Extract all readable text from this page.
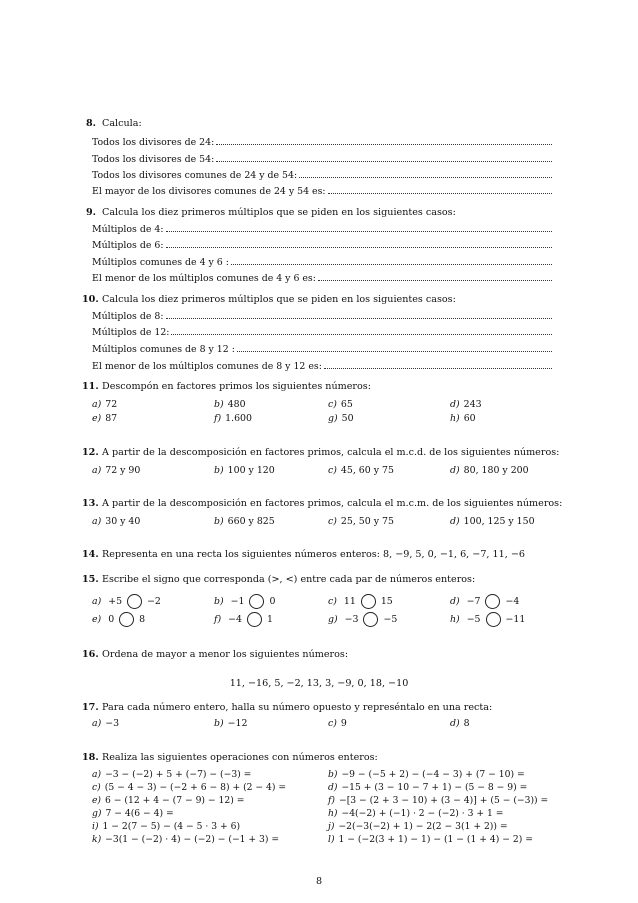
8. Calcula:
Todos los divisores de 24:
Todos los divisores de 54:
Todos los divisores comunes de 24 y de 54:
El mayor de los divisores comunes de 24 y 54 es:
9. Calcula los diez primeros múltiplos que se piden en los siguientes casos:
Múltiplos de 4:
Múltiplos de 6:
Múltiplos comunes de 4 y 6 :
El menor de los múltiplos comunes de 4 y 6 es:
10. Calcula los diez primeros múltiplos que se piden en los siguientes casos:
Múltiplos de 8:
Múltiplos de 12:
Múltiplos comunes de 8 y 12 :
El menor de los múltiplos comunes de 8 y 12 es:
11. Descompón en factores primos los siguientes números:
a) 72	b) 480	c) 65	d) 243
e) 87	f) 1.600	g) 50	h) 60
12. A partir de la descomposición en factores primos, calcula el m.c.d. de los siguientes números:
a) 72 y 90	b) 100 y 120	c) 45, 60 y 75	d) 80, 180 y 200
13. A partir de la descomposición en factores primos, calcula el m.c.m. de los siguientes números:
a) 30 y 40	b) 660 y 825	c) 25, 50 y 75	d) 100, 125 y 150
14. Representa en una recta los siguientes números enteros: 8, −9, 5, 0, −1, 6, −7, 11, −6
15. Escribe el signo que corresponda (>, <) entre cada par de números enteros:
a) +5	−2	b) −1	0	c) 11	15	d) −7	−4
e) 0	8	f) −4	1	g) −3	−5	h) −5	−11
16. Ordena de mayor a menor los siguientes números:
11, −16, 5, −2, 13, 3, −9, 0, 18, −10
17. Para cada número entero, halla su número opuesto y represéntalo en una recta:
a) −3	b) −12	c) 9	d) 8
18. Realiza las siguientes operaciones con números enteros:
a) −3 − (−2) + 5 + (−7) − (−3) =	b) −9 − (−5 + 2) − (−4 − 3) + (7 − 10) =
c) (5 − 4 − 3) − (−2 + 6 − 8) + (2 − 4) =	d) −15 + (3 − 10 − 7 + 1) − (5 − 8 − 9) =
e) 6 − (12 + 4 − (7 − 9) − 12) =	f) −[3 − (2 + 3 − 10) + (3 − 4)] + (5 − (−3)) =
g) 7 − 4(6 − 4) =	h) −4(−2) + (−1) · 2 − (−2) · 3 + 1 =
i) 1 − 2(7 − 5) − (4 − 5 · 3 + 6)	j) −2(−3(−2) + 1) − 2(2 − 3(1 + 2)) =
k) −3(1 − (−2) · 4) − (−2) − (−1 + 3) =	l) 1 − (−2(3 + 1) − 1) − (1 − (1 + 4) − 2) =
8
